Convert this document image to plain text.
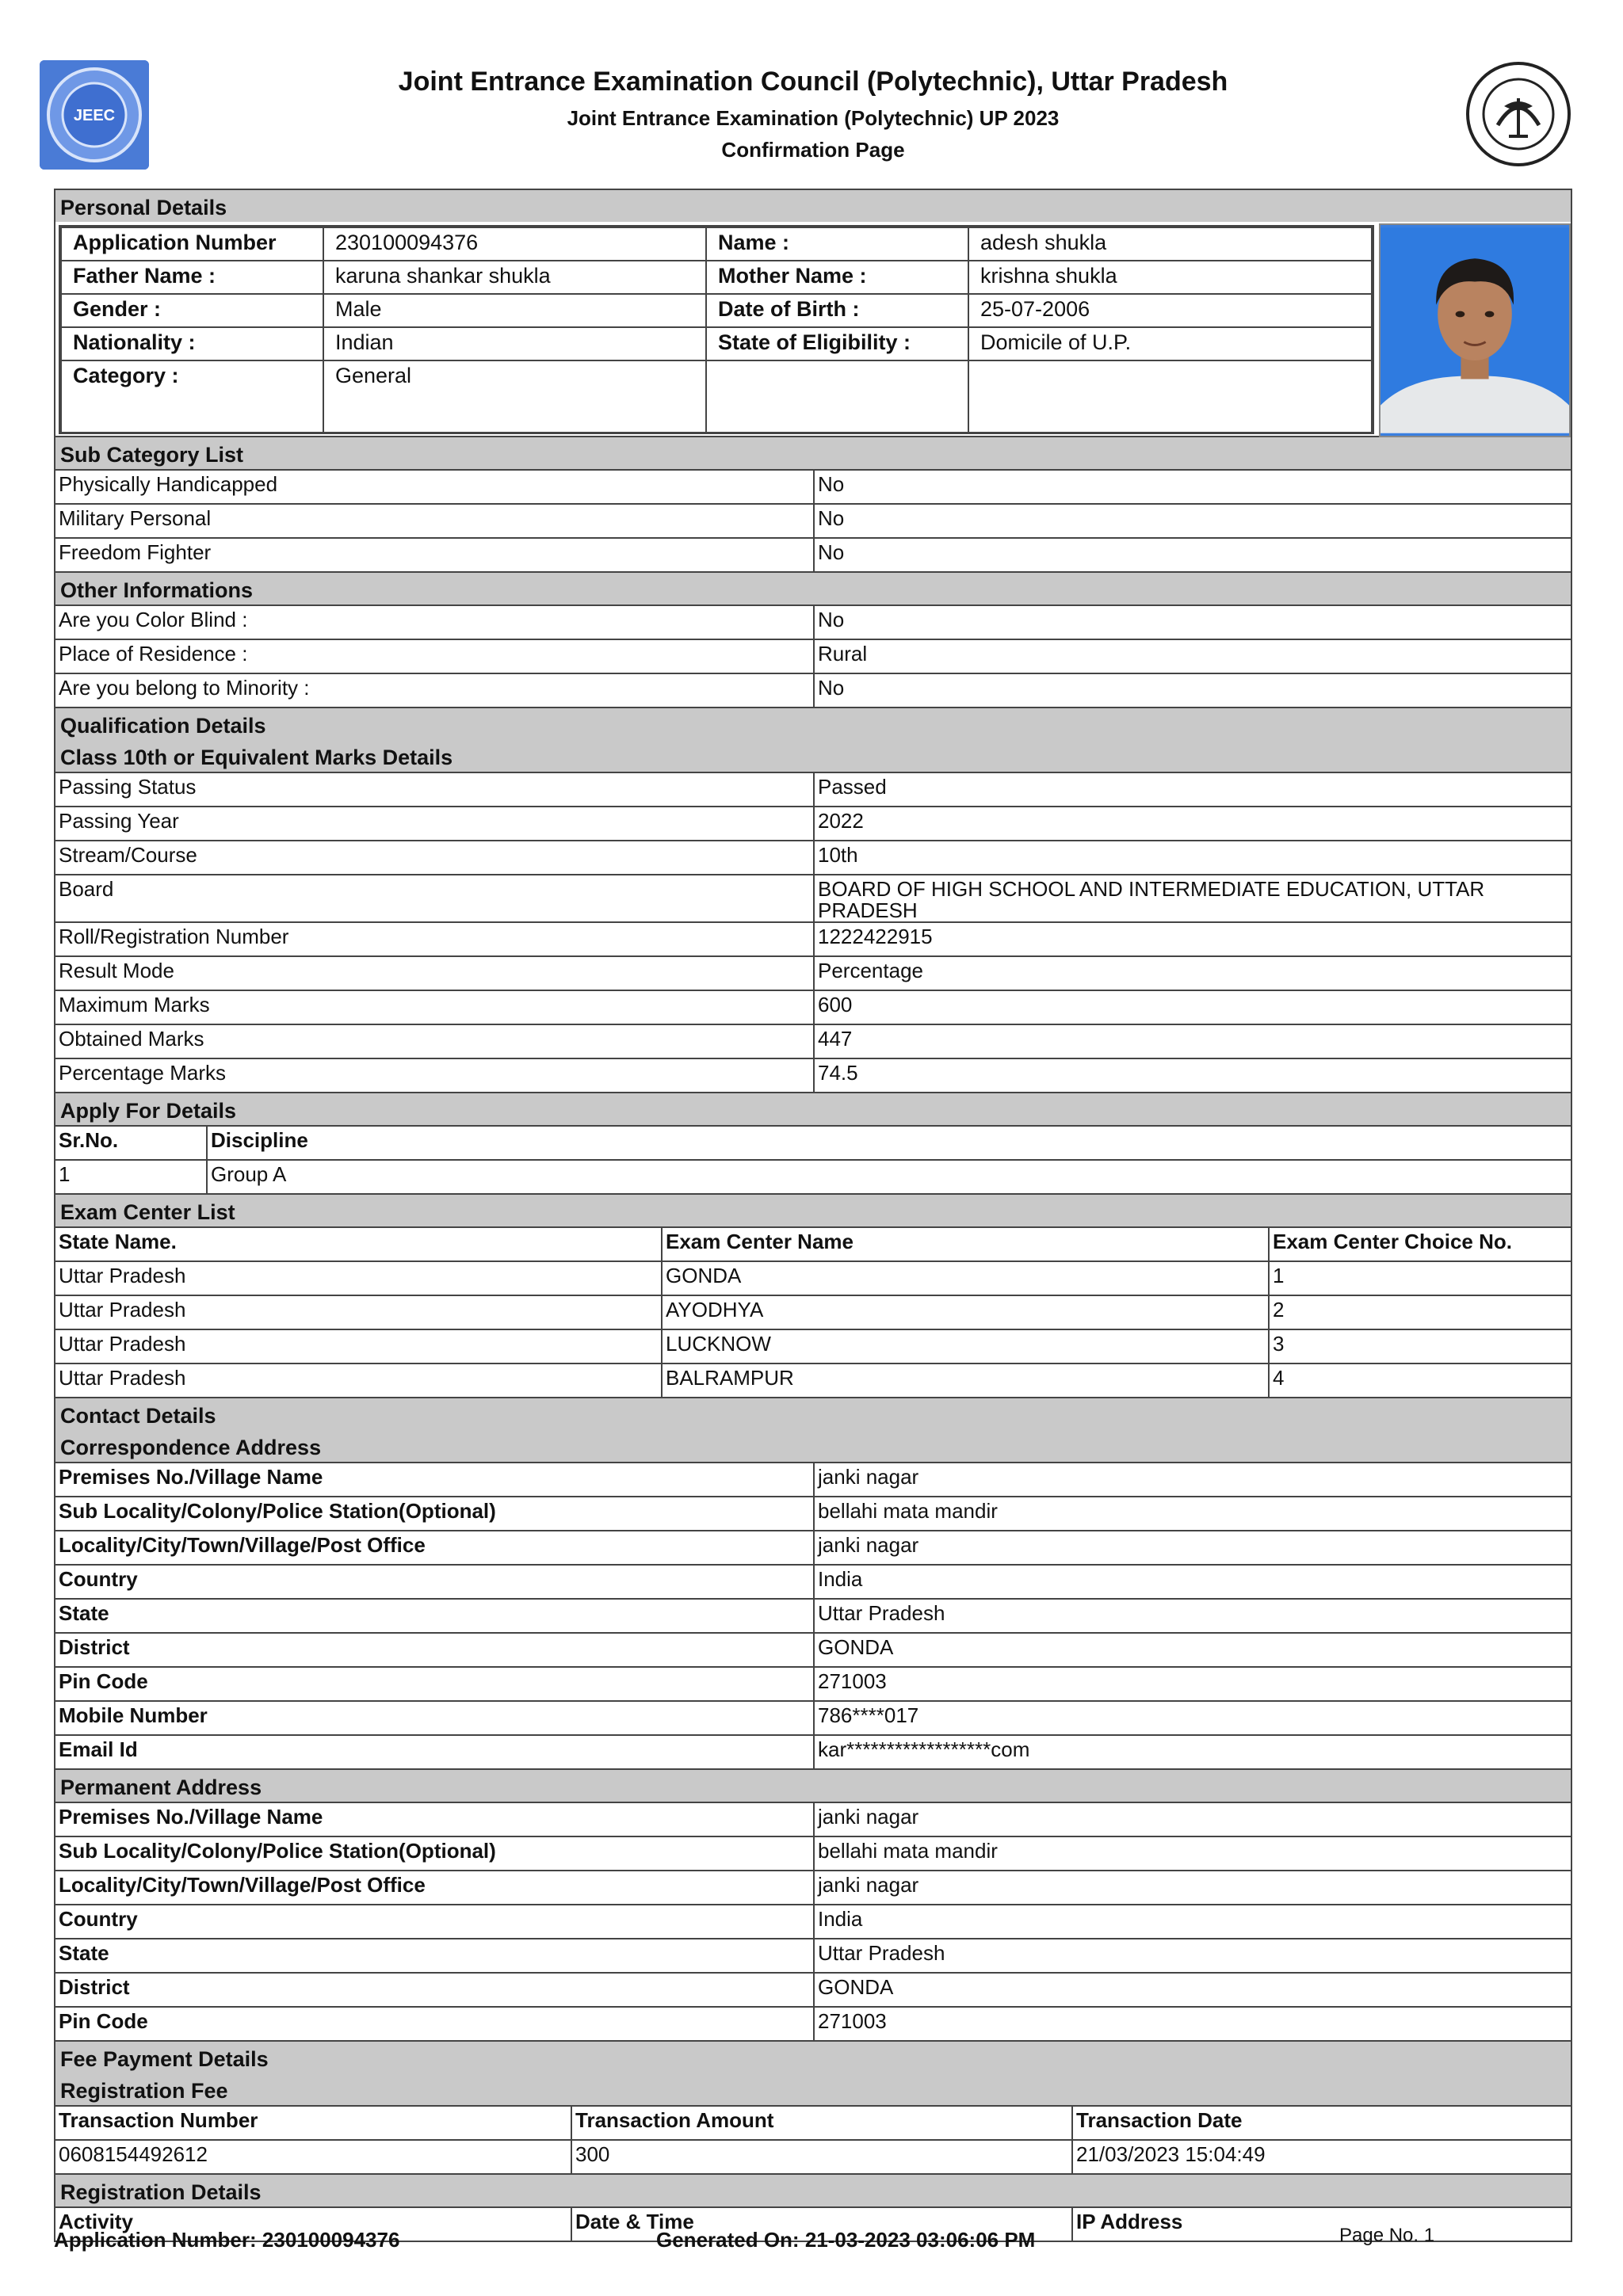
JEEC
Joint Entrance Examination Council (Polytechnic), Uttar Pradesh
Joint Entrance Examination (Polytechnic) UP 2023
Confirmation Page
Personal Details
Application Number	230100094376	Name :	adesh shukla
Father Name :	karuna shankar shukla	Mother Name :	krishna shukla
Gender :	Male	Date of Birth :	25-07-2006
Nationality :	Indian	State of Eligibility :	Domicile of U.P.
Category :	General		
Sub Category List
Physically Handicapped	No
Military Personal	No
Freedom Fighter	No
Other Informations
Are you Color Blind :	No
Place of Residence :	Rural
Are you belong to Minority :	No
Qualification Details
Class 10th or Equivalent Marks Details
Passing Status	Passed
Passing Year	2022
Stream/Course	10th
Board	BOARD OF HIGH SCHOOL AND INTERMEDIATE EDUCATION, UTTAR PRADESH
Roll/Registration Number	1222422915
Result Mode	Percentage
Maximum Marks	600
Obtained Marks	447
Percentage Marks	74.5
Apply For Details
Sr.No.	Discipline
1	Group A
Exam Center List
State Name.	Exam Center Name	Exam Center Choice No.
Uttar Pradesh	GONDA	1
Uttar Pradesh	AYODHYA	2
Uttar Pradesh	LUCKNOW	3
Uttar Pradesh	BALRAMPUR	4
Contact Details
Correspondence Address
Premises No./Village Name	janki nagar
Sub Locality/Colony/Police Station(Optional)	bellahi mata mandir
Locality/City/Town/Village/Post Office	janki nagar
Country	India
State	Uttar Pradesh
District	GONDA
Pin Code	271003
Mobile Number	786****017
Email Id	kar******************com
Permanent Address
Premises No./Village Name	janki nagar
Sub Locality/Colony/Police Station(Optional)	bellahi mata mandir
Locality/City/Town/Village/Post Office	janki nagar
Country	India
State	Uttar Pradesh
District	GONDA
Pin Code	271003
Fee Payment Details
Registration Fee
Transaction Number	Transaction Amount	Transaction Date
0608154492612	300	21/03/2023 15:04:49
Registration Details
Activity	Date & Time	IP Address
Application Number: 230100094376	Generated On: 21-03-2023 03:06:06 PM	Page No. 1
